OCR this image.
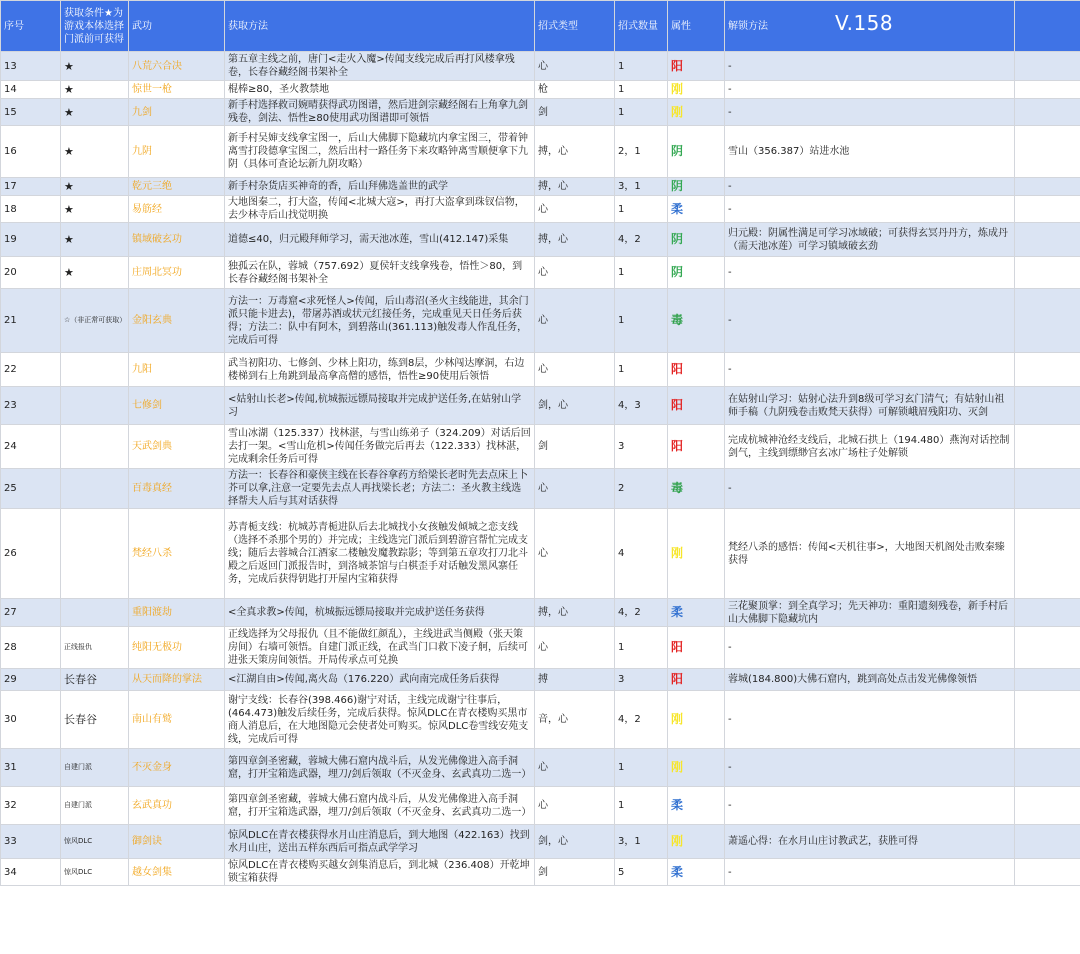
序号	获取条件★为游戏本体选择门派前可获得	武功	获取方法	招式类型	招式数量	属性	解锁方法 V.158	

13	★	八荒六合决	第五章主线之前，唐门<走火入魔>传闻支线完成后再打风楼拿残卷，长春谷藏经阁书架补全	心	1	阳	-	
14	★	惊世一枪	棍棒≥80，圣火教禁地	枪	1	刚	-	
15	★	九剑	新手村选择救司婉晴获得武功图谱，然后进剑宗藏经阁右上角拿九剑残卷，剑法、悟性≥80使用武功图谱即可领悟	剑	1	刚	-	
16	★	九阴	新手村吴婶支线拿宝图一，后山大佛脚下隐藏坑内拿宝图三，带着钟离雪打段德拿宝图二，然后出村一路任务下来攻略钟离雪顺便拿下九阴（具体可查论坛新九阴攻略）	搏，心	2，1	阴	雪山（356.387）站进水池	
17	★	乾元三绝	新手村杂货店买神奇的香，后山拜佛选盖世的武学	搏，心	3，1	阴	-	
18	★	易筋经	大地图秦二，打大盗，传闻<北城大寇>，再打大盗拿到珠钗信物，去少林寺后山找觉明换	心	1	柔	-	
19	★	镇域破玄功	道德≤40，归元殿拜师学习，需天池冰莲，雪山(412.147)采集	搏，心	4，2	阴	归元殿：阴属性满足可学习冰域破；可获得玄冥丹丹方，炼成丹（需天池冰莲）可学习镇域破玄劲	
20	★	庄周北冥功	独孤云在队，蓉城（757.692）夏侯轩支线拿残卷，悟性＞80，到长春谷藏经阁书架补全	心	1	阴	-	
21	☆（非正常可获取）	金阳玄典	方法一：万毒窟<求死怪人>传闻，后山毒沼(圣火主线能进，其余门派只能卡进去)，带屠苏酒或状元红接任务，完成重见天日任务后获得；方法二：队中有阿木，到碧落山(361.113)触发毒人作乱任务，完成后可得	心	1	毒	-	
22		九阳	武当初阳功、七修剑、少林上阳功，练到8层，少林闯达摩洞，右边楼梯到右上角跳到最高拿高僧的感悟，悟性≥90使用后领悟	心	1	阳	-	
23		七修剑	<姑射山长老>传闻,杭城振远镖局接取并完成护送任务,在姑射山学习	剑，心	4，3	阳	在姑射山学习：姑射心法升到8级可学习玄门清气；有姑射山祖师手稿（九阴残卷击败梵天获得）可解锁峨眉残阳功、灭剑	
24		天武剑典	雪山冰湖（125.337）找林湛，与雪山练弟子（324.209）对话后回去打一架。<雪山危机>传闻任务做完后再去（122.333）找林湛，完成剩余任务后可得	剑	3	阳	完成杭城神沧经支线后，北城石拱上（194.480）燕洵对话控制剑气，主线到缥缈宫玄冰广场柱子处解锁	
25		百毒真经	方法一：长春谷和豪侠主线在长春谷拿药方给梁长老时先去点床上卜芥可以拿,注意一定要先去点人再找梁长老；方法二：圣火教主线选择帮夫人后与其对话获得	心	2	毒	-	
26		梵经八杀	苏青栀支线：杭城苏青栀进队后去北城找小女孩触发倾城之恋支线（选择不杀那个男的）并完成；主线选完门派后到碧游宫帮忙完成支线；随后去蓉城合江酒家二楼触发魔教踪影；等到第五章攻打刀北斗殿之后返回门派报告时，到洛城茶馆与白棋歪手对话触发黑风寨任务，完成后获得钥匙打开屋内宝箱获得	心	4	刚	梵经八杀的感悟：传闻<天机往事>，大地图天机阁处击败秦臻获得	
27		重阳渡劫	<全真求教>传闻，杭城振远镖局接取并完成护送任务获得	搏，心	4，2	柔	三花聚顶掌：到全真学习；先天神功：重阳遗刻残卷，新手村后山大佛脚下隐藏坑内	
28	正线报仇	纯阳无极功	正线选择为父母报仇（且不能做红颜乱），主线进武当侧殿（张天策房间）右墙可领悟。自建门派正线，在武当门口救下凌子舸，后续可进张天策房间领悟。开局传承点可兑换	心	1	阳	-	
29	长春谷	从天而降的掌法	<江湖自由>传闻,离火岛（176.220）武向南完成任务后获得	搏	3	阳	蓉城(184.800)大佛石窟内，跳到高处点击发光佛像领悟	
30	长春谷	南山有鹫	谢宁支线：长春谷(398.466)谢宁对话，主线完成谢宁往事后，(464.473)触发后续任务，完成后获得。惊风DLC在青衣楼购买黑市商人消息后，在大地图隐元会使者处可购买。惊风DLC卷雪线安苑支线，完成后可得	音，心	4，2	刚	-	
31	自建门派	不灭金身	第四章剑圣密藏，蓉城大佛石窟内战斗后，从发光佛像进入高手洞窟，打开宝箱选武器，埋刀/剑后领取（不灭金身、玄武真功二选一）	心	1	刚	-	
32	自建门派	玄武真功	第四章剑圣密藏，蓉城大佛石窟内战斗后，从发光佛像进入高手洞窟，打开宝箱选武器，埋刀/剑后领取（不灭金身、玄武真功二选一）	心	1	柔	-	
33	惊风DLC	御剑诀	惊风DLC在青衣楼获得水月山庄消息后，到大地图（422.163）找到水月山庄，送出五样东西后可指点武学学习	剑，心	3，1	刚	萧遥心得：在水月山庄讨教武艺，获胜可得	
34	惊风DLC	越女剑集	惊风DLC在青衣楼购买越女剑集消息后，到北城（236.408）开乾坤锁宝箱获得	剑	5	柔	-	
